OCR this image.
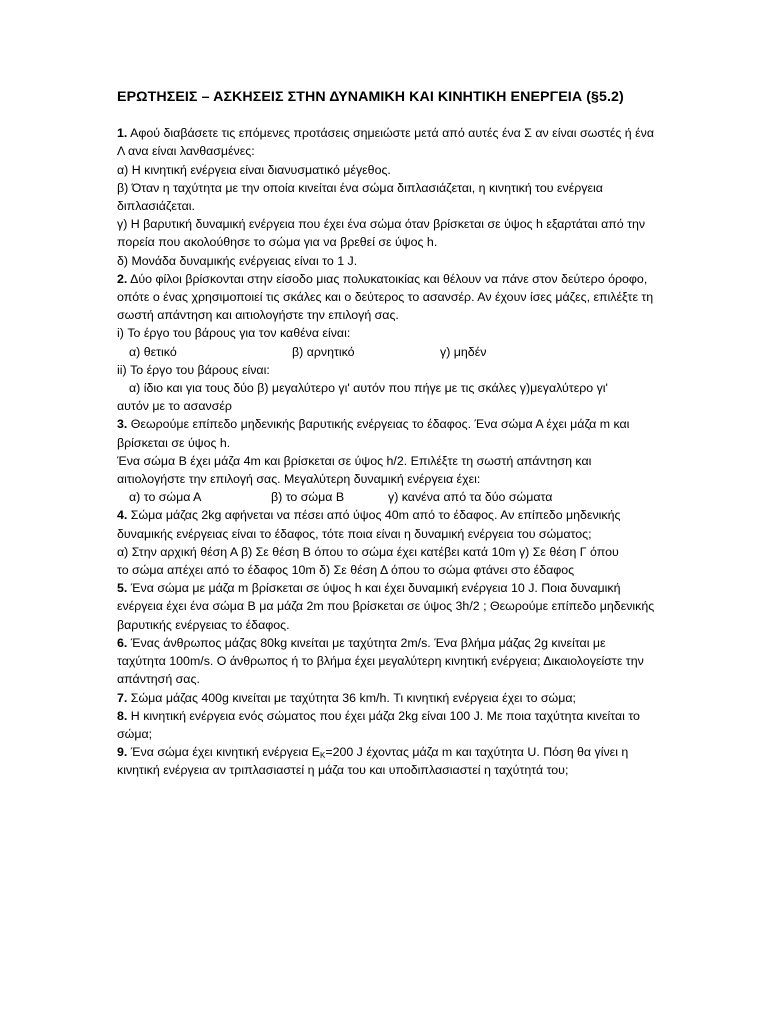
ΕΡΩΤΗΣΕΙΣ – ΑΣΚΗΣΕΙΣ ΣΤΗΝ ΔΥΝΑΜΙΚΗ ΚΑΙ ΚΙΝΗΤΙΚΗ ΕΝΕΡΓΕΙΑ (§5.2)
1. Αφού διαβάσετε τις επόμενες προτάσεις σημειώστε μετά από αυτές ένα Σ αν είναι σωστές ή ένα Λ ανα είναι λανθασμένες:
α) Η κινητική ενέργεια είναι διανυσματικό μέγεθος.
β) Όταν η ταχύτητα με την οποία κινείται ένα σώμα διπλασιάζεται, η κινητική του ενέργεια διπλασιάζεται.
γ) Η βαρυτική δυναμική ενέργεια που έχει ένα σώμα όταν βρίσκεται σε ύψος h εξαρτάται από την πορεία που ακολούθησε το σώμα για να βρεθεί σε ύψος h.
δ) Μονάδα δυναμικής ενέργειας είναι το 1 J.
2. Δύο φίλοι βρίσκονται στην είσοδο μιας πολυκατοικίας και θέλουν να πάνε στον δεύτερο όροφο, οπότε ο ένας χρησιμοποιεί τις σκάλες και ο δεύτερος το ασανσέρ. Αν έχουν ίσες μάζες, επιλέξτε τη σωστή απάντηση και αιτιολογήστε την επιλογή σας.
i) Το έργο του βάρους για τον καθένα είναι:
α) θετικό	β) αρνητικό	γ) μηδέν
ii) Το έργο του βάρους είναι:
α) ίδιο και για τους δύο β) μεγαλύτερο γι' αυτόν που πήγε με τις σκάλες γ)μεγαλύτερο γι'
αυτόν με το ασανσέρ
3. Θεωρούμε επίπεδο μηδενικής βαρυτικής ενέργειας το έδαφος. Ένα σώμα Α έχει μάζα m και βρίσκεται σε ύψος h.
Ένα σώμα Β έχει μάζα 4m και βρίσκεται σε ύψος h/2. Επιλέξτε τη σωστή απάντηση και αιτιολογήστε την επιλογή σας. Μεγαλύτερη δυναμική ενέργεια έχει:
α) το σώμα Α	β) το σώμα Β	γ) κανένα από τα δύο σώματα
4. Σώμα μάζας 2kg αφήνεται να πέσει από ύψος 40m από το έδαφος. Αν επίπεδο μηδενικής δυναμικής ενέργειας είναι το έδαφος, τότε ποια είναι η δυναμική ενέργεια του σώματος;
α) Στην αρχική θέση Α β) Σε θέση Β όπου το σώμα έχει κατέβει κατά 10m γ) Σε θέση Γ όπου
το σώμα απέχει από το έδαφος 10m δ) Σε θέση Δ όπου το σώμα φτάνει στο έδαφος
5. Ένα σώμα με μάζα m βρίσκεται σε ύψος h και έχει δυναμική ενέργεια 10 J. Ποια δυναμική ενέργεια έχει ένα σώμα Β μα μάζα 2m που βρίσκεται σε ύψος 3h/2 ; Θεωρούμε επίπεδο μηδενικής βαρυτικής ενέργειας το έδαφος.
6. Ένας άνθρωπος μάζας 80kg κινείται με ταχύτητα 2m/s. Ένα βλήμα μάζας 2g κινείται με ταχύτητα 100m/s. Ο άνθρωπος ή το βλήμα έχει μεγαλύτερη κινητική ενέργεια; Δικαιολογείστε την απάντησή σας.
7. Σώμα μάζας 400g κινείται με ταχύτητα 36 km/h. Τι κινητική ενέργεια έχει το σώμα;
8. Η κινητική ενέργεια ενός σώματος που έχει μάζα 2kg είναι 100 J. Με ποια ταχύτητα κινείται το σώμα;
9. Ένα σώμα έχει κινητική ενέργεια $E_K=200$ J έχοντας μάζα m και ταχύτητα U. Πόση θα γίνει η κινητική ενέργεια αν τριπλασιαστεί η μάζα του και υποδιπλασιαστεί η ταχύτητά του;
